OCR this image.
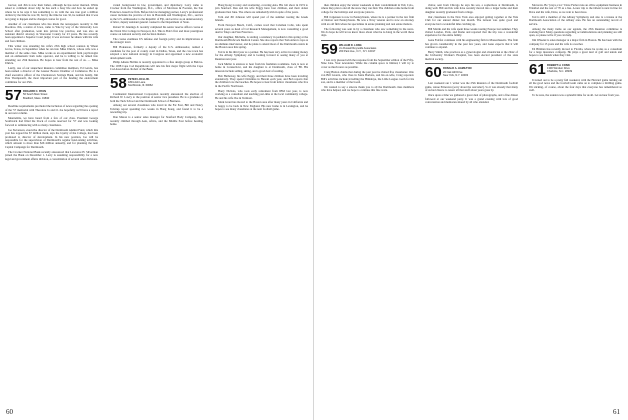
forever, and Jim is now their father, although he has never married. While asked to comment about why he has such a busy life and how he ended up where he is he says it has something to do with the one true goal a million dollars by the time he was 30, but by the time he was 32, he realized that it was not going to happen and he changed course for good.

Another of our classmates who has made the newspapers recently is Jim Doonbos. Jim, a native of Iowa, came to Yale by way of the University Law School after graduation, went into private law practice, and was also an assistant district attorney in Worcester County for 23 years. He has recently been appointed a Superior Court judge; it was an honor he shares with his wife and four children.

This writer was attending his wife's 25th high school reunion in Wheat Grove, Texas, in September when he ran into Mike Uhrick, whose wife was a member of the same class. Mike works as an experimental farm psychologist and an enthusiastic ham radio operator, and he is willing to be talked into attending our 25th Reunion. He hopes to hear from the rest of us. — Mike Uhrick.

Lastly, one of our staunchest Reunion committee members, Ed Garcia, has been named a director of the Greater Boston Chamber of Commerce. He is a chief executive officer of the Charlestown Savings Bank, and his buddy, Jim Pete Thompsonfl, the most important part of the funding the endowment committee for our 25th.

57 RICHARD C. RYAN
56 South Main Street
Bradford, Mass. 01830

Deadline requirements precluded the inclusion of news regarding the opening of the '57 memorial with Theodore Jo and O. Joe hopefully we'll have a report in our next column.

Meanwhile, we have heard from a few of our class. President George Southwick had filled the block of rooms reserved for '57 and was looking forward to reminiscing with so many classmates.

Joe Stevenson, executive director of the Dartmouth Alumni Fund, which this year has topped the $7 million mark, says the loyalty of the College, has been promoted to director of development. In his new position, Joe will be responsible for the supervision of Dartmouth's regular fund-raising activities, which amount to more than $26 million annually, and for planning the next Capital Campaign for Dartmouth.

The Crocker National Bank recently announced that Lawrence H. Silverman joined the Bank on December 1. Larry is assuming responsibility for a new legal and government affairs division, a consolidation of several other divisions.

varied background in law, government, and diplomacy. Larry came to Crocker from the Washington, D.C., office of Morrison & Foerster, the San Francisco-based law firm. Before his law managing partner, Larry's professional career includes the practice of law in Honolulu and Washington, D.C., service as the U.S. Ambassador to the Republic of Fiji, and service as an undersecretary of labor, deputy assistant general counsel to the Department of State.

Robert W. Jennings Jr. recently completed his senior reserve officer course at the Naval War College in Newport, R.I. This is Bob's first and most prestigious course on national security and decision matters.

The course examines US defense and foreign policy and its implications at the strategic level.

Bill Hokanson, formerly a deputy of the U.S. Ambassador, named a candidate for the post of county court in Dallas, Texas, and the cow-town has adopted a new national strategy in Congress and appointed a new economic development team.

Philip Athens Hollins is recently appointed to a fine design group at Bulova. The 1938 Cape Cod Republicans will rule his first major flight with the Cape Cod Association. Robert of the Bank.

58 PETER LOCH JR.
1801 Ash Lane
Northbrook, Ill. 60062

Continental International Corporation recently announced the election of Richard W. Lowry to the position of senior vice president. He is a graduate of both the Tuck School and the Dartmouth School of Business.

Among our several classmates who travel in the Far East, Bill and Nancy Tolstrup report spending two weeks in Hong Kong, and found it to be a rewarding trip.

Dan Mason is a senior sales manager for Stanford Body Company, they recently climbed through Asia, Africa, and the Middle East before heading home.

Hong Kong is noisy and sweltering, covering Asia. His loft show in 1974 to join Stanford. Dan and his wife Peggy have four children, and their oldest graduated last June. The others are remarkably trim in spite of the years.

Tom and Jill Johnson will spend part of the summer touring the Greek Islands.

From Newport Beach, Calif., comes word that Coleman Colle, who spent several years as head of Cal Research Management, is now consulting a good deal in Tokyo and San Francisco.

Our daughter, Michelle, is starting a residency in pediatrics this spring at the Dartmouth Hitchcock Medical Center. She also reports that Tom Arlen is tops as an alumnus interviewer, and he plans to attend most of the Dartmouth events in the Boston area this spring.

Ted is in his third year as a partner. He has been very active in raising money for the Albany Symphony and is looking forward to seeing many of you at Reunion next year.

Jack Muller is anxious to hear from his freshman roommate. Jack is now at home in Connecticut, and his daughter is at Dartmouth, class of '88. His interests include sailing, skiing, and a good deal of reading.

Bob Hathaway, his wife Peggy, and their three children have been traveling extensively. They spend Christmas in Hawaii each year, and Bob reports that the children love the beaches. He hopes to hear from fellow classmates who live in the Pacific Northwest.

Harry Nichols, who took early retirement from IBM last year, is now working as a consultant and teaching part-time at the local community college. He and his wife live in Vermont.

Mark Grant has moved to the Boston area after many years in California and is happy to be back in New England. His new home is in Lexington, and he hopes to see many classmates at the next football game.

60

then children enjoy the winter weekends at their condominium in Vail, Colo., where they plan to ski all the snow they can find. The children come home from college for the holidays and everyone joins in.

Bill Jorgensen is now in Pennsylvania, where he is a partner in the law firm of Denver and Pennsylvania. He was a Navy veteran and is now an attorney with an old firm where he specializes in estate planning and real estate matters.

The following was sent in by a classmate who saw something in the news. We do hope he will let us know more about what he is doing in the world these days.

59 WILLIAM R. LONG
c/o Russell Reynolds Associates
200 Park Ave., N.Y., N.Y. 10017

I was very pleased with the response from the September edition of the Fifty-Nine Line. Your newsletter. While the column space is limited, I will try to cover as much news as possible.

Craig Hutton claims that during the past year he visited five classmates: Otto von Bill Gwartz, who lives in Santa Barbara, and his ex-wife, Craig reported. Bill's activities include travelling the Himalaya, the Little League coach for his son, and is a member of the board.

We wanted to say a sincere thank you to all the Dartmouth class members who have helped, and we hope to continue this fine work.

visitor, sent from Chicago he says his son, a sophomore at Dartmouth, is doing well. Bill and his wife have recently moved into a larger home and their daughter recently graduated from college.

Our classmates in the New York area enjoyed getting together at the Yale Club for our annual dinner last month. The turnout was quite good and everyone had a wonderful time catching up.

Bill Martin and his wife spent three weeks touring Europe last summer. They visited London, Paris, and Rome and reported that the trip was a wonderful experience for the entire family.

Gene Fairfax continues with his engineering firm in Massachusetts. The firm has grown considerably in the past few years, and Gene expects that it will continue to expand.

Barry Smith, who practices as a gynecologist and obstetrician at the clinic of the University Woman's Hospital, has been elected president of the state medical society.

60 RONALD A. HAMILTON
20 Oak Hill Drive
New York, N.Y. 10003

Last weekend our 1 writer was the 25th Reunion of the Dartmouth football game, venue Princeton (sorry about the outcome!). So it was already that many of us had chance to renew all that stuff about years gone by.

Once upon a time we gathered a great deal of photographs, and a fine dinner followed at our weekend party. It was a grand evening with lots of good conversation and memories shared by all who attended.

Motorola. He "prays a lot." Dave Farber runs an office equipment business in Trinidad and the rest of '70 as a bus. A new trip to the Orient is next in line for Dave and his wife, Dave, as we wait to hear more.

Ted is still a member of the Albany Symphony and also is a trustee at the Dartmouth Association of the Albany area. He has an outstanding record of service.

Among the many items on our agenda, the 25th Reunion committee is working hard. Many questions regarding accommodations and planning are still open, so please write if you can help.

Jim Wheeler is sales manager at a major firm in Boston. He has been with the company for 15 years and his wife is a teacher.

Ed Bittman has recently moved to Florida, where he works as a consultant for a large insurance company. He plays a great deal of golf and tennis and hopes to see friends when they visit.

61 ROBERT H. CONN
1300 Windsor Drive
Charlotte, N.C. 28209

It turned out to be a pretty full weekend, with the Harvard game turning out all the good news and the football team came on to complete a thrilling game. I'm sticking, of course, about the four days that everyone has remembered so well.

To be sure, the reunion was a splendid time for us all. Let us hear from you.

61
